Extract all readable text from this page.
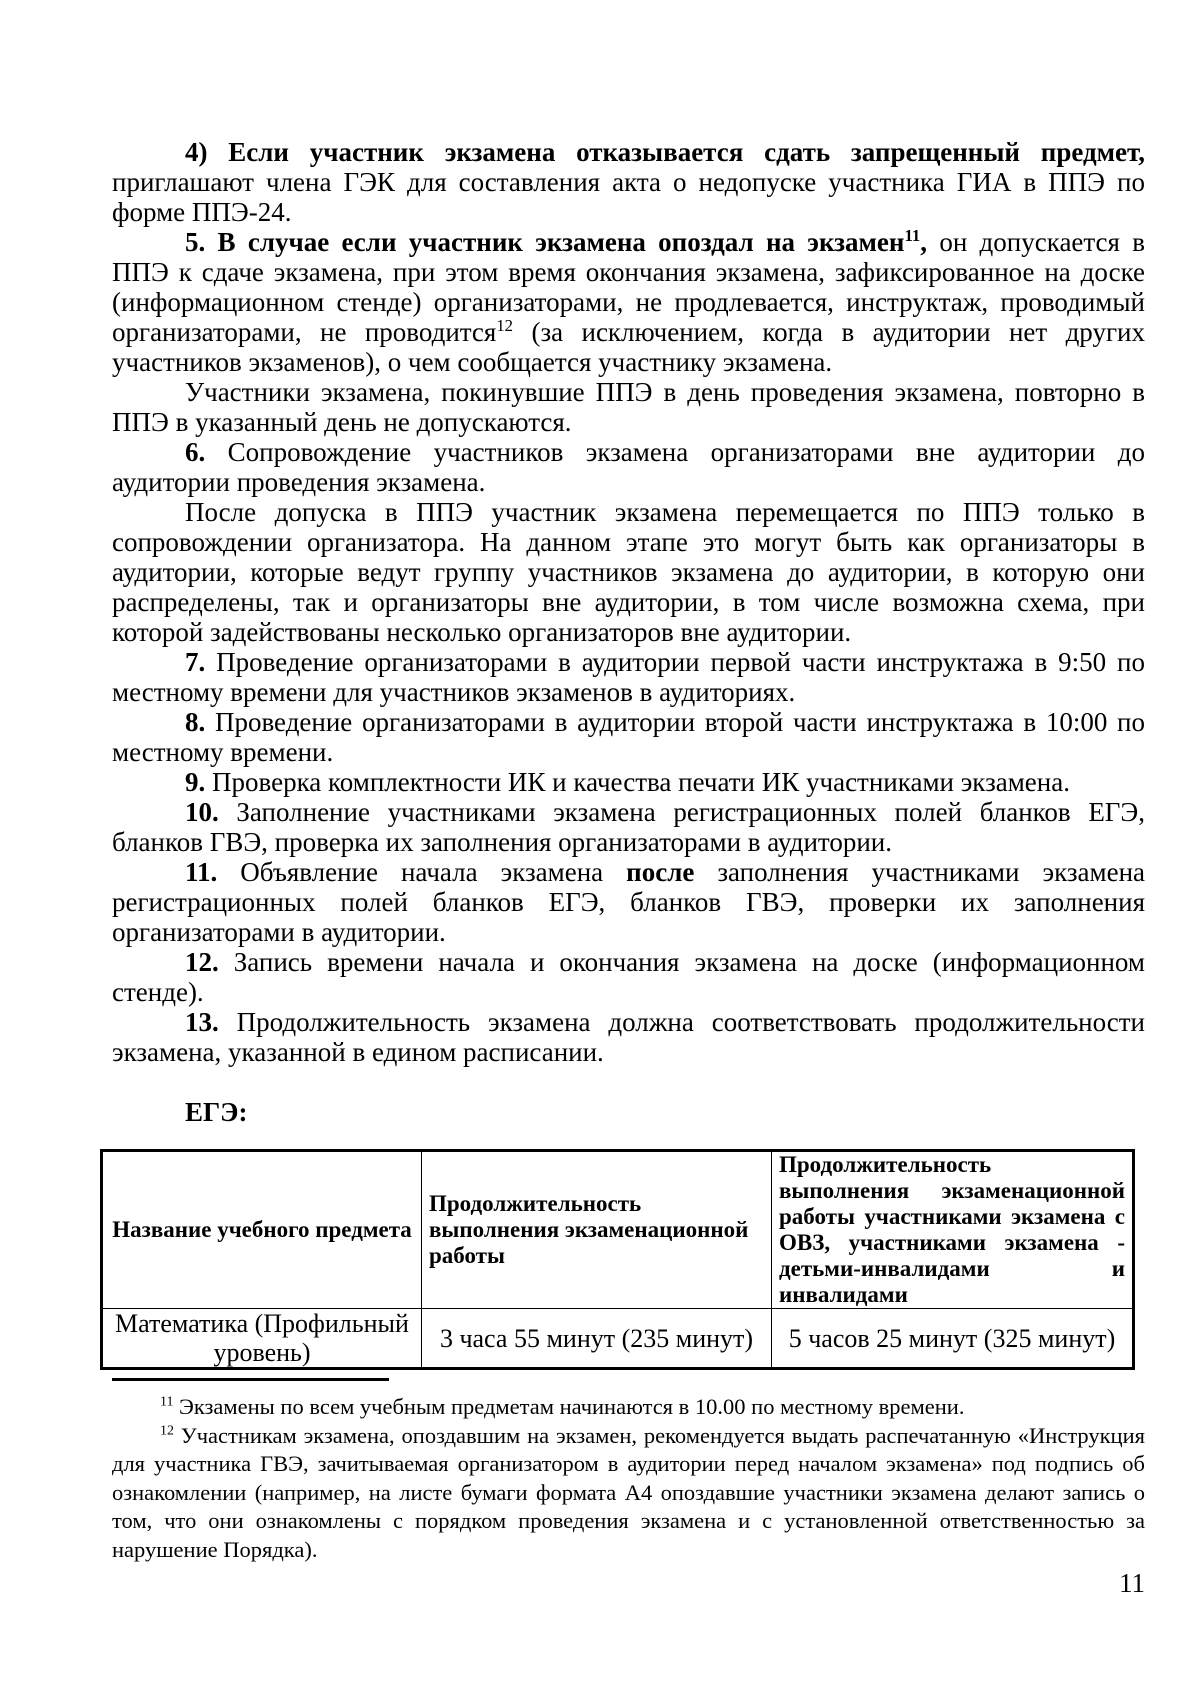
4) Если участник экзамена отказывается сдать запрещенный предмет, приглашают члена ГЭК для составления акта о недопуске участника ГИА в ППЭ по форме ППЭ-24.

5. В случае если участник экзамена опоздал на экзамен$^{11}$, он допускается в ППЭ к сдаче экзамена, при этом время окончания экзамена, зафиксированное на доске (информационном стенде) организаторами, не продлевается, инструктаж, проводимый организаторами, не проводится$^{12}$ (за исключением, когда в аудитории нет других участников экзаменов), о чем сообщается участнику экзамена.

Участники экзамена, покинувшие ППЭ в день проведения экзамена, повторно в ППЭ в указанный день не допускаются.

6. Сопровождение участников экзамена организаторами вне аудитории до аудитории проведения экзамена.

После допуска в ППЭ участник экзамена перемещается по ППЭ только в сопровождении организатора. На данном этапе это могут быть как организаторы в аудитории, которые ведут группу участников экзамена до аудитории, в которую они распределены, так и организаторы вне аудитории, в том числе возможна схема, при которой задействованы несколько организаторов вне аудитории.

7. Проведение организаторами в аудитории первой части инструктажа в 9:50 по местному времени для участников экзаменов в аудиториях.

8. Проведение организаторами в аудитории второй части инструктажа в 10:00 по местному времени.

9. Проверка комплектности ИК и качества печати ИК участниками экзамена.

10. Заполнение участниками экзамена регистрационных полей бланков ЕГЭ, бланков ГВЭ, проверка их заполнения организаторами в аудитории.

11. Объявление начала экзамена после заполнения участниками экзамена регистрационных полей бланков ЕГЭ, бланков ГВЭ, проверки их заполнения организаторами в аудитории.

12. Запись времени начала и окончания экзамена на доске (информационном стенде).

13. Продолжительность экзамена должна соответствовать продолжительности экзамена, указанной в едином расписании.

ЕГЭ:

Название учебного предмета	Продолжительность выполнения экзаменационной работы	Продолжительность выполнения экзаменационной работы участниками экзамена с ОВЗ, участниками экзамена - детьми-инвалидами и инвалидами
Математика (Профильный уровень)	3 часа 55 минут (235 минут)	5 часов 25 минут (325 минут)

$^{11}$ Экзамены по всем учебным предметам начинаются в 10.00 по местному времени.

$^{12}$ Участникам экзамена, опоздавшим на экзамен, рекомендуется выдать распечатанную «Инструкция для участника ГВЭ, зачитываемая организатором в аудитории перед началом экзамена» под подпись об ознакомлении (например, на листе бумаги формата А4 опоздавшие участники экзамена делают запись о том, что они ознакомлены с порядком проведения экзамена и с установленной ответственностью за нарушение Порядка).

11
